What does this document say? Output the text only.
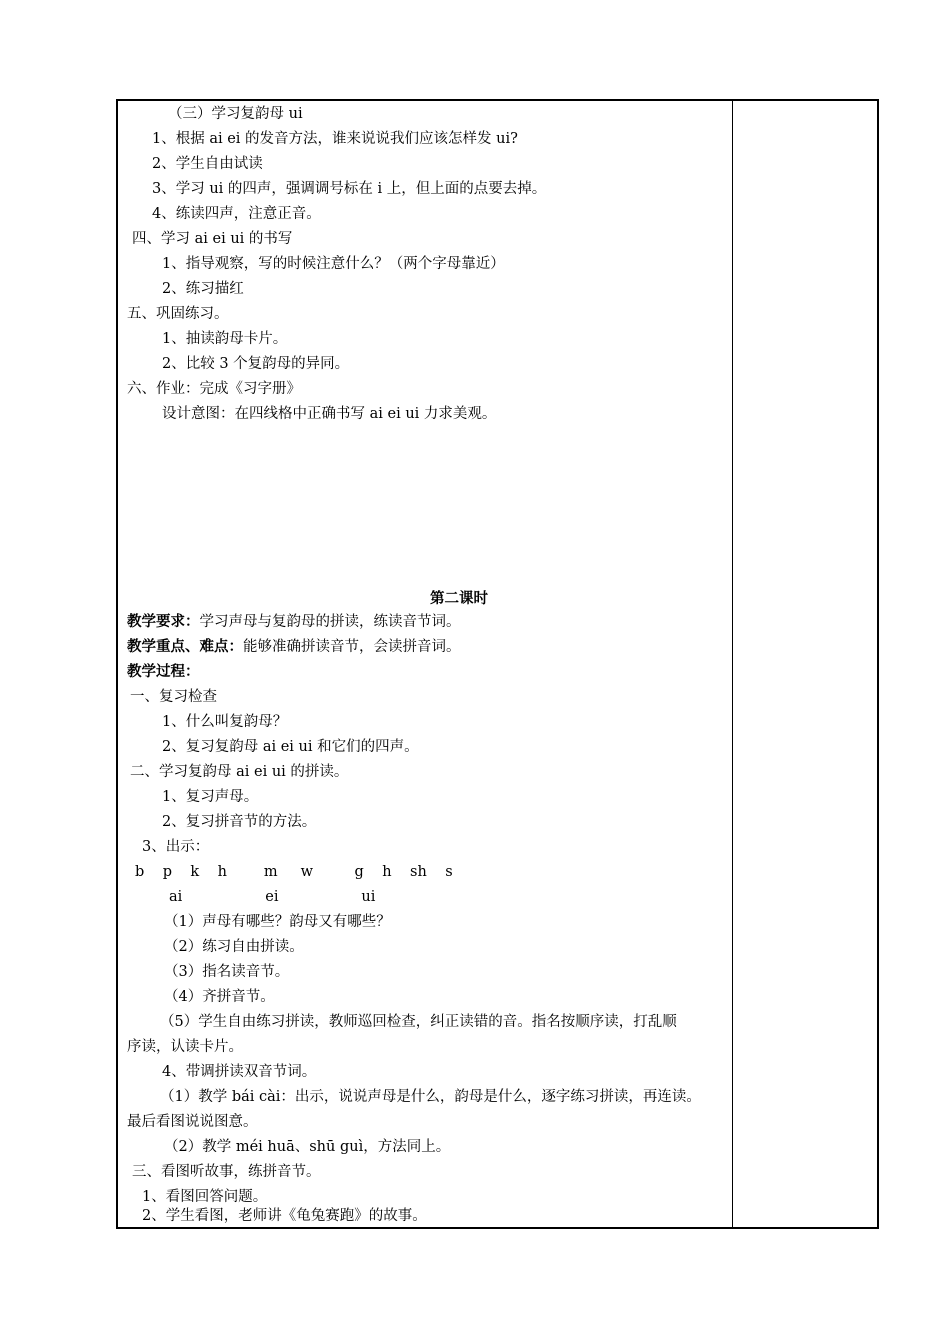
（三）学习复韵母 ui
1、根据 ai ei 的发音方法，谁来说说我们应该怎样发 ui?
2、学生自由试读
3、学习 ui 的四声，强调调号标在 i 上，但上面的点要去掉。
4、练读四声，注意正音。
四、学习 ai ei ui 的书写
1、指导观察，写的时候注意什么？（两个字母靠近）
2、练习描红
五、巩固练习。
1、抽读韵母卡片。
2、比较 3 个复韵母的异同。
六、作业：完成《习字册》
设计意图：在四线格中正确书写 ai ei ui 力求美观。
第二课时
教学要求：学习声母与复韵母的拼读，练读音节词。
教学重点、难点：能够准确拼读音节，会读拼音词。
教学过程：
一、复习检查
1、什么叫复韵母？
2、复习复韵母 ai ei ui 和它们的四声。
二、学习复韵母 ai ei ui 的拼读。
1、复习声母。
2、复习拼音节的方法。
3、出示：
b    p    k    h        m     w         g    h    sh    s
ai                  ei                  ui
（1）声母有哪些？韵母又有哪些？
（2）练习自由拼读。
（3）指名读音节。
（4）齐拼音节。
（5）学生自由练习拼读，教师巡回检查，纠正读错的音。指名按顺序读，打乱顺
序读，认读卡片。
4、带调拼读双音节词。
（1）教学 bái cài：出示，说说声母是什么，韵母是什么，逐字练习拼读，再连读。
最后看图说说图意。
（2）教学 méi huā、shū guì，方法同上。
三、看图听故事，练拼音节。
1、看图回答问题。
2、学生看图，老师讲《龟兔赛跑》的故事。
